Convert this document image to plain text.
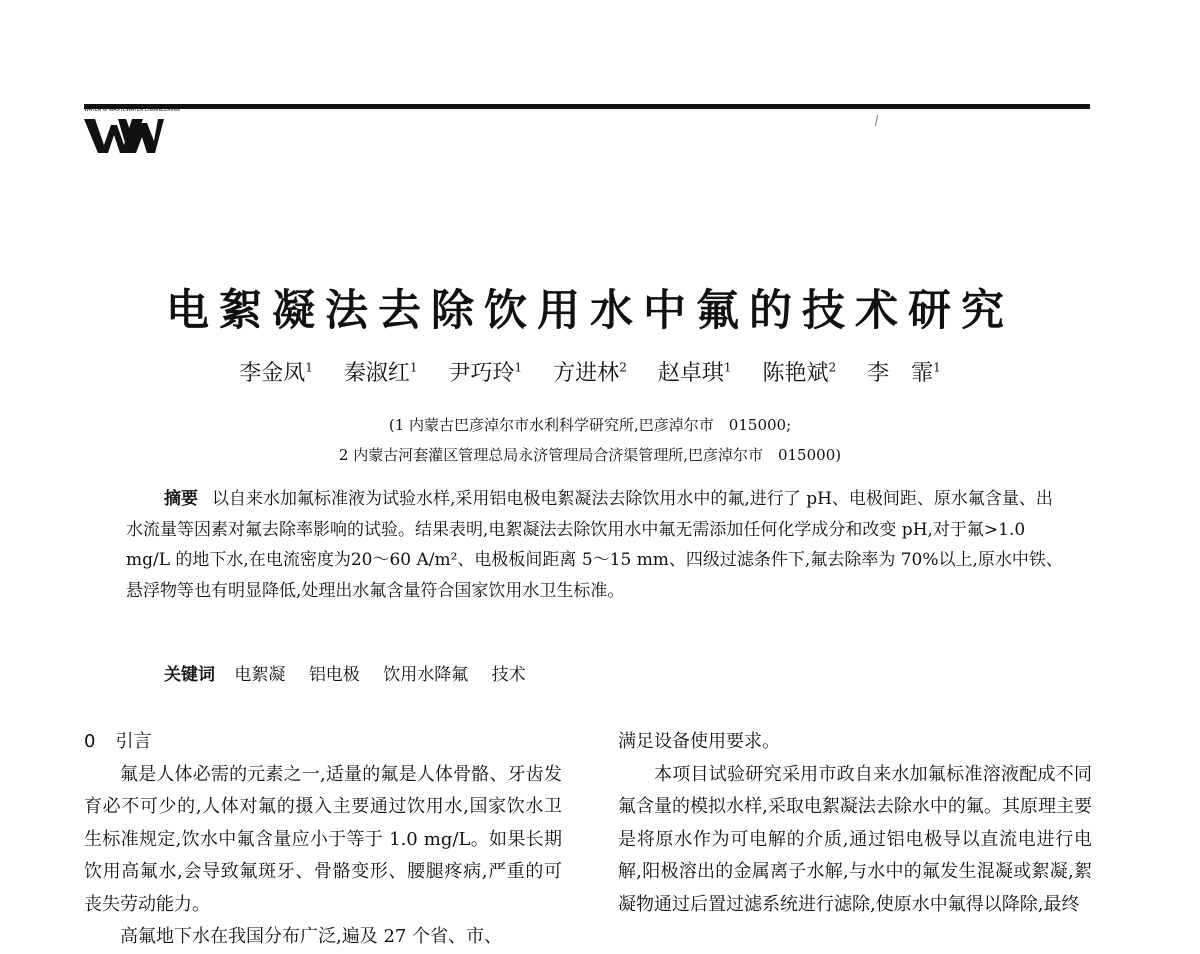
WATER & WASTEWATER ENGINEERING
W
电絮凝法去除饮用水中氟的技术研究
李金凤$^1$ 秦淑红$^1$ 尹巧玲$^1$ 方进林$^2$ 赵卓琪$^1$ 陈艳斌$^2$ 李　霏$^1$
(1 内蒙古巴彦淖尔市水利科学研究所,巴彦淖尔市　015000;
2 内蒙古河套灌区管理总局永济管理局合济渠管理所,巴彦淖尔市　015000)
摘要 以自来水加氟标准液为试验水样,采用铝电极电絮凝法去除饮用水中的氟,进行了 pH、电极间距、原水氟含量、出水流量等因素对氟去除率影响的试验。结果表明,电絮凝法去除饮用水中氟无需添加任何化学成分和改变 pH,对于氟>1.0 mg/L 的地下水,在电流密度为20～60 A/m²、电极板间距离 5～15 mm、四级过滤条件下,氟去除率为 70%以上,原水中铁、悬浮物等也有明显降低,处理出水氟含量符合国家饮用水卫生标准。
关键词 电絮凝 铝电极 饮用水降氟 技术
0 引言

氟是人体必需的元素之一,适量的氟是人体骨骼、牙齿发育必不可少的,人体对氟的摄入主要通过饮用水,国家饮水卫生标准规定,饮水中氟含量应小于等于 1.0 mg/L。如果长期饮用高氟水,会导致氟斑牙、骨骼变形、腰腿疼病,严重的可丧失劳动能力。

高氟地下水在我国分布广泛,遍及 27 个省、市、

满足设备使用要求。

本项目试验研究采用市政自来水加氟标准溶液配成不同氟含量的模拟水样,采取电絮凝法去除水中的氟。其原理主要是将原水作为可电解的介质,通过铝电极导以直流电进行电解,阳极溶出的金属离子水解,与水中的氟发生混凝或絮凝,絮凝物通过后置过滤系统进行滤除,使原水中氟得以降除,最终
